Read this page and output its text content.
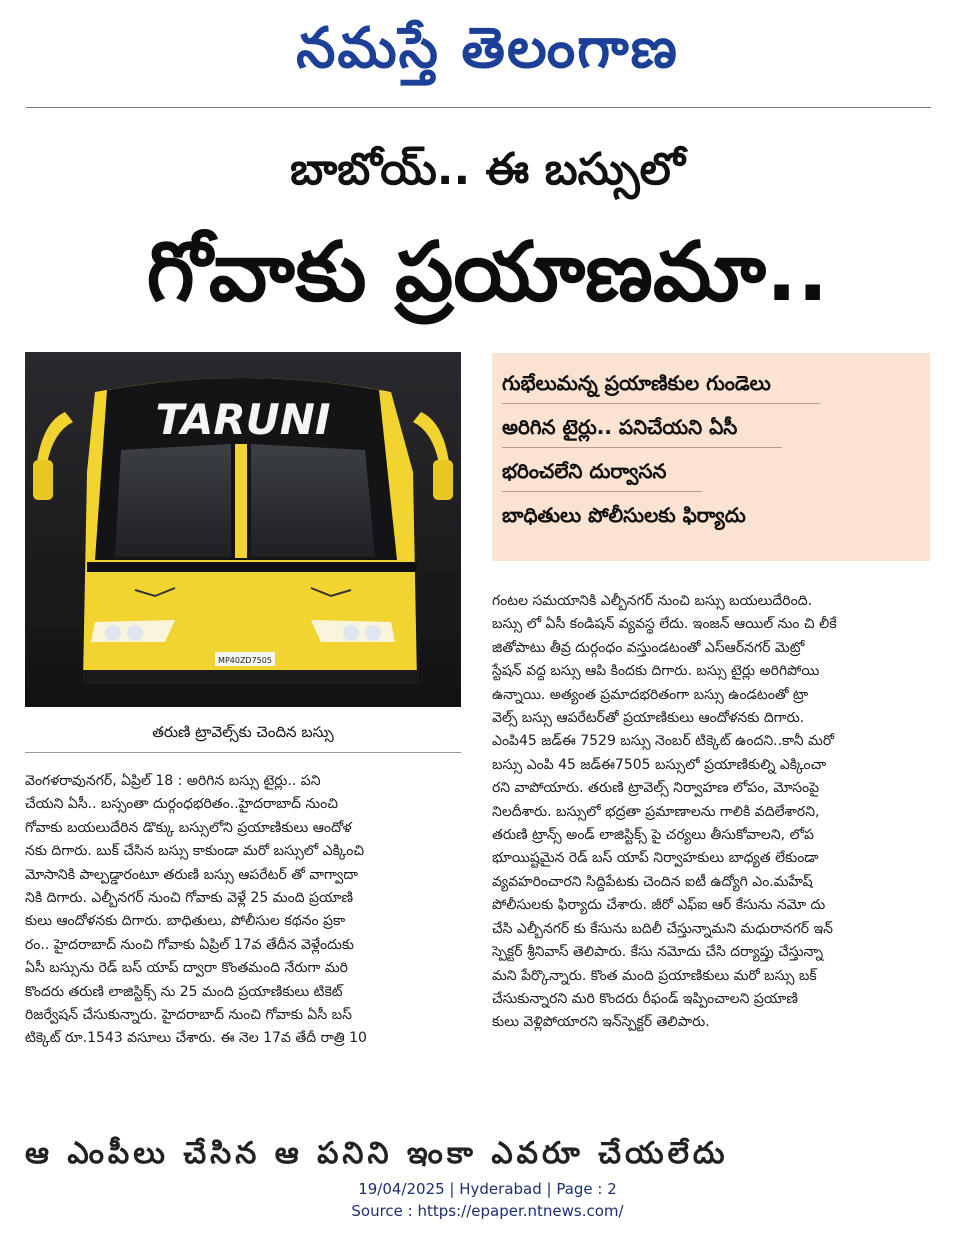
నమస్తే తెలంగాణ
బాబోయ్.. ఈ బస్సులో
గోవాకు ప్రయాణమా..
TARUNI
MP40ZD7505
తరుణి ట్రావెల్స్‌కు చెందిన బస్సు
గుభేలుమన్న ప్రయాణికుల గుండెలు
అరిగిన టైర్లు.. పనిచేయని ఏసీ
భరించలేని దుర్వాసన
బాధితులు పోలీసులకు ఫిర్యాదు

వెంగళరావునగర్, ఏప్రిల్ 18 : అరిగిన బస్సు టైర్లు.. పని

చేయని ఏసీ.. బస్సంతా దుర్గంధభరితం..హైదరాబాద్ నుంచి

గోవాకు బయలుదేరిన డొక్కు బస్సులోని ప్రయాణికులు ఆందోళ

నకు దిగారు. బుక్ చేసిన బస్సు కాకుండా మరో బస్సులో ఎక్కించి

మోసానికి పాల్పడ్డారంటూ తరుణి బస్సు ఆపరేటర్ తో వాగ్వాదా

నికి దిగారు. ఎల్బీనగర్ నుంచి గోవాకు వెళ్లే 25 మంది ప్రయాణి

కులు ఆందోళనకు దిగారు. బాధితులు, పోలీసుల కథనం ప్రకా

రం.. హైదరాబాద్ నుంచి గోవాకు ఏప్రిల్ 17వ తేదీన వెళ్లేందుకు

ఏసీ బస్సును రెడ్ బస్ యాప్ ద్వారా కొంతమంది నేరుగా మరి

కొందరు తరుణి లాజిస్టిక్స్ ను 25 మంది ప్రయాణికులు టికెట్

రిజర్వేషన్ చేసుకున్నారు. హైదరాబాద్ నుంచి గోవాకు ఏసీ బస్

టిక్కెట్ రూ.1543 వసూలు చేశారు. ఈ నెల 17వ తేదీ రాత్రి 10

గంటల సమయానికి ఎల్బీనగర్ నుంచి బస్సు బయలుదేరింది.

బస్సు లో ఏసీ కండిషన్ వ్యవస్థ లేదు. ఇంజన్ ఆయిల్ నుం చి లీకే

జితోపాటు తీవ్ర దుర్గంధం వస్తుండటంతో ఎస్ఆర్‌నగర్ మెట్రో

స్టేషన్ వద్ద బస్సు ఆపి కిందకు దిగారు. బస్సు టైర్లు అరిగిపోయి

ఉన్నాయి. అత్యంత ప్రమాదభరితంగా బస్సు ఉండటంతో ట్రా

వెల్స్ బస్సు ఆపరేటర్‌తో ప్రయాణికులు ఆందోళనకు దిగారు.

ఎంపి45 జడ్‌ఈ 7529 బస్సు నెంబర్ టిక్కెట్ ఉందని..కానీ మరో

బస్సు ఎంపి 45 జడ్‌ఈ7505 బస్సులో ప్రయాణికుల్ని ఎక్కించా

రని వాపోయారు. తరుణి ట్రావెల్స్ నిర్వాహణ లోపం, మోసంపై

నిలదీశారు. బస్సులో భద్రతా ప్రమాణాలను గాలికి వదిలేశారని,

తరుణి ట్రాన్స్ అండ్ లాజిస్టిక్స్ పై చర్యలు తీసుకోవాలని, లోప

భూయిష్టమైన రెడ్ బస్ యాప్ నిర్వాహకులు బాధ్యత లేకుండా

వ్యవహరించారని సిద్దిపేటకు చెందిన ఐటీ ఉద్యోగి ఎం.మహేష్

పోలీసులకు ఫిర్యాదు చేశారు. జీరో ఎఫ్ఐ ఆర్ కేసును నమో దు

చేసి ఎల్బీనగర్ కు కేసును బదిలీ చేస్తున్నామని మధురానగర్ ఇన్

స్పెక్టర్ శ్రీనివాస్ తెలిపారు. కేసు నమోదు చేసి దర్యాప్తు చేస్తున్నా

మని పేర్కొన్నారు. కొంత మంది ప్రయాణికులు మరో బస్సు బక్

చేసుకున్నారని మరి కొందరు రీఫండ్ ఇప్పించాలని ప్రయాణి

కులు వెళ్లిపోయారని ఇన్‌స్పెక్టర్ తెలిపారు.

ఆ ఎంపీలు చేసిన ఆ పనిని ఇంకా ఎవరూ చేయలేదు
19/04/2025 | Hyderabad | Page : 2
Source : https://epaper.ntnews.com/
